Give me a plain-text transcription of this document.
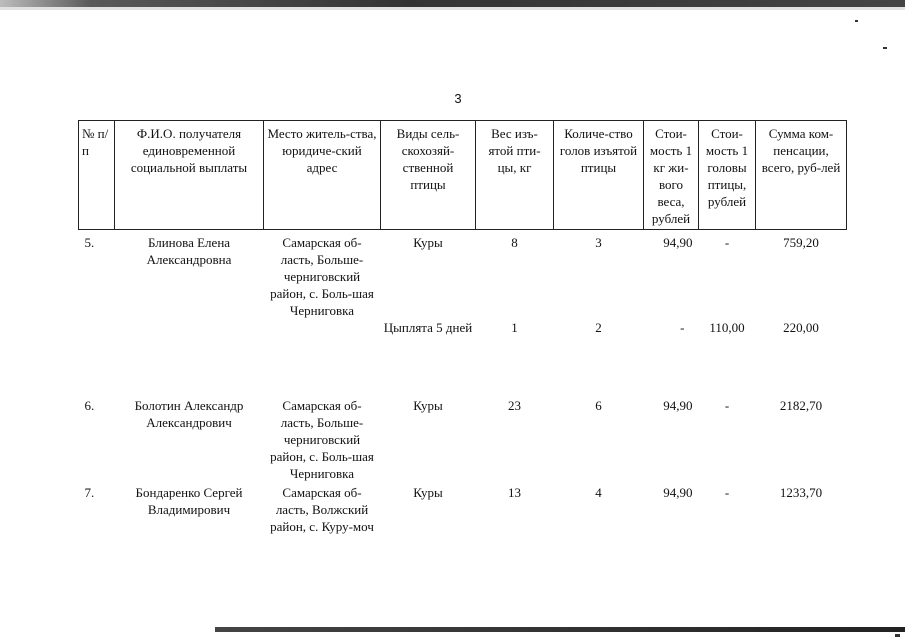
3
№ п/п	Ф.И.О. получателя единовременной социальной выплаты	Место житель-ства, юридиче-ский адрес	Виды сель-скохозяй-ственной птицы	Вес изъ-ятой пти-цы, кг	Количе-ство голов изъятой птицы	Стои-мость 1 кг жи-вого веса, рублей	Стои-мость 1 головы птицы, рублей	Сумма ком-пенсации, всего, руб-лей
5.	Блинова Елена Александровна	Самарская об-ласть, Больше-черниговский район, с. Боль-шая Черниговка	Куры	8	3	94,90	-	759,20
			Цыплята 5 дней	1	2	-	110,00	220,00
6.	Болотин Александр Александрович	Самарская об-ласть, Больше-черниговский район, с. Боль-шая Черниговка	Куры	23	6	94,90	-	2182,70
7.	Бондаренко Сергей Владимирович	Самарская об-ласть, Волжский район, с. Куру-моч	Куры	13	4	94,90	-	1233,70
